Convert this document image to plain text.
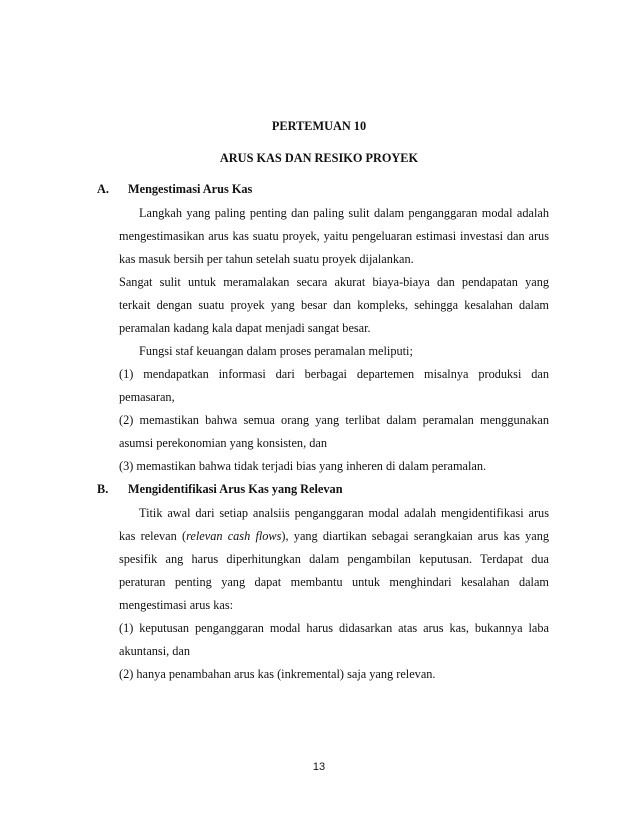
PERTEMUAN 10
ARUS KAS DAN RESIKO PROYEK
A. Mengestimasi Arus Kas
Langkah yang paling penting dan paling sulit dalam penganggaran modal adalah
mengestimasikan arus kas suatu proyek, yaitu pengeluaran estimasi investasi dan arus
kas masuk bersih per tahun setelah suatu proyek dijalankan.
Sangat sulit untuk meramalakan secara akurat biaya-biaya dan pendapatan yang
terkait dengan suatu proyek yang besar dan kompleks, sehingga kesalahan dalam
peramalan kadang kala dapat menjadi sangat besar.
Fungsi staf keuangan dalam proses peramalan meliputi;
(1) mendapatkan informasi dari berbagai departemen misalnya produksi dan
pemasaran,
(2) memastikan bahwa semua orang yang terlibat dalam peramalan menggunakan
asumsi perekonomian yang konsisten, dan
(3) memastikan bahwa tidak terjadi bias yang inheren di dalam peramalan.
B. Mengidentifikasi Arus Kas yang Relevan
Titik awal dari setiap analsiis penganggaran modal adalah mengidentifikasi arus
kas relevan (relevan cash flows), yang diartikan sebagai serangkaian arus kas yang
spesifik ang harus diperhitungkan dalam pengambilan keputusan. Terdapat dua
peraturan penting yang dapat membantu untuk menghindari kesalahan dalam
mengestimasi arus kas:
(1) keputusan penganggaran modal harus didasarkan atas arus kas, bukannya laba
akuntansi, dan
(2) hanya penambahan arus kas (inkremental) saja yang relevan.
13
